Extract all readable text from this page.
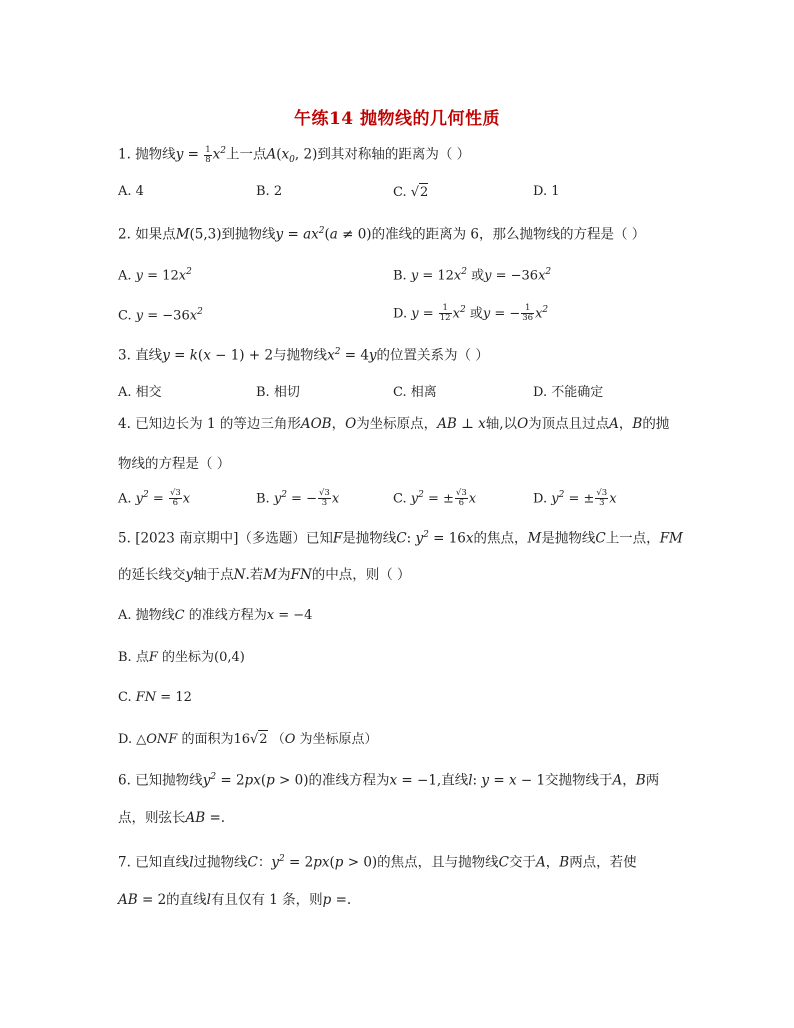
午练14 抛物线的几何性质
1. 抛物线$y = \frac{1}{8} x^2$上一点$A(x_0$, 2)到其对称轴的距离为（ ）
A. 4	B. 2	C. √2	D. 1
2. 如果点M(5,3)到抛物线$y = ax^2(a \ne 0)$的准线的距离为 6，那么抛物线的方程是（ ）
A. $y = 12x^2$	B. $y = 12x^2$ 或$y = -36x^2$
C. $y = -36x^2$	D. $y = \frac{1}{12} x^2$ 或y = − $\frac{1}{36} x^2$
3. 直线y = k(x − 1) + 2与抛物线$x^2 = 4y$的位置关系为（ ）
A. 相交	B. 相切	C. 相离	D. 不能确定
4. 已知边长为 1 的等边三角形AOB，O为坐标原点，AB ⊥ x轴,以O为顶点且过点A，B的抛
物线的方程是（ ）
A. $y^2 = \frac{√3}{6}$ x	B. $y^2$ = − $\frac{√3}{3}$ x	C. $y^2$ = ± $\frac{√3}{6}$ x	D. $y^2$ = ± $\frac{√3}{3}$ x
5. [2023 南京期中]（多选题）已知F是抛物线C: $y^2 = 16x$的焦点，M是抛物线C上一点，FM
的延长线交y轴于点N.若M为FN的中点，则（ ）
A. 抛物线C 的准线方程为x = −4
B. 点F 的坐标为(0,4)
C. FN = 12
D. △ONF 的面积为16√2 （O 为坐标原点）
6. 已知抛物线$y^2 = 2px(p > 0)$的准线方程为x = −1,直线l: y = x − 1交抛物线于A，B两
点，则弦长AB =.
7. 已知直线l过抛物线C：$y^2 = 2px(p > 0)$的焦点，且与抛物线C交于A，B两点，若使
AB = 2的直线l有且仅有 1 条，则p =.
